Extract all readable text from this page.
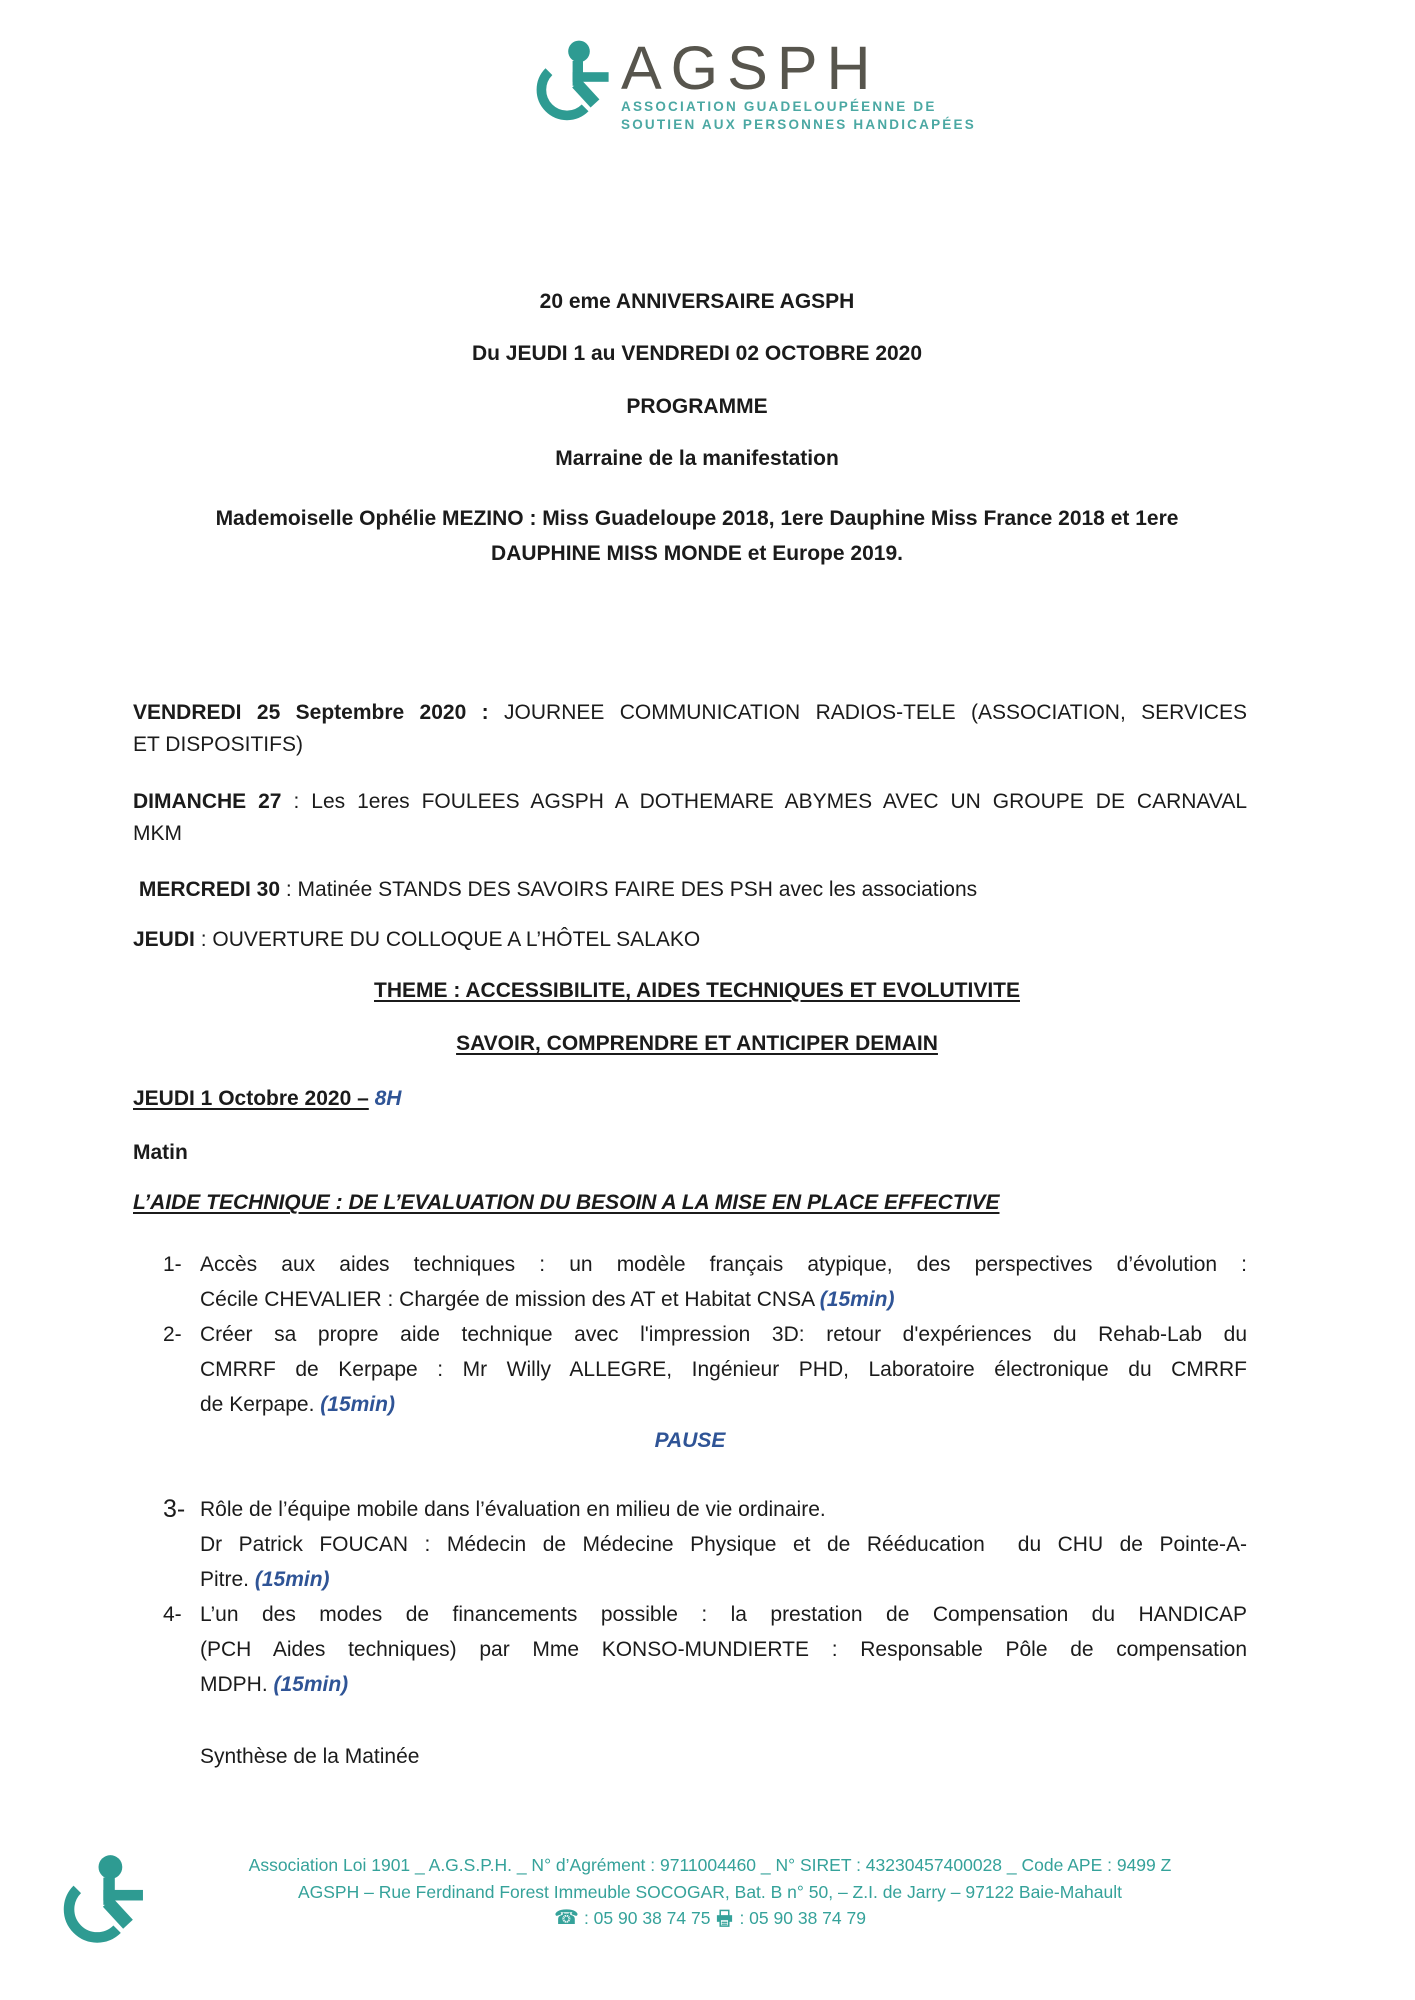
AGSPH
ASSOCIATION GUADELOUPÉENNE DE
SOUTIEN AUX PERSONNES HANDICAPÉES
20 eme ANNIVERSAIRE AGSPH
Du JEUDI 1 au VENDREDI 02 OCTOBRE 2020
PROGRAMME
Marraine de la manifestation
Mademoiselle Ophélie MEZINO : Miss Guadeloupe 2018, 1ere Dauphine Miss France 2018 et 1ere
DAUPHINE MISS MONDE et Europe 2019.
VENDREDI 25 Septembre 2020 : JOURNEE COMMUNICATION RADIOS-TELE (ASSOCIATION, SERVICES
ET DISPOSITIFS)
DIMANCHE 27 : Les 1eres FOULEES AGSPH A DOTHEMARE ABYMES AVEC UN GROUPE DE CARNAVAL
MKM
MERCREDI 30 : Matinée STANDS DES SAVOIRS FAIRE DES PSH avec les associations
JEUDI : OUVERTURE DU COLLOQUE A L’HÔTEL SALAKO
THEME : ACCESSIBILITE, AIDES TECHNIQUES ET EVOLUTIVITE
SAVOIR, COMPRENDRE ET ANTICIPER DEMAIN
JEUDI 1 Octobre 2020 – 8H
Matin
L’AIDE TECHNIQUE : DE L’EVALUATION DU BESOIN A LA MISE EN PLACE EFFECTIVE
1- Accès aux aides techniques : un modèle français atypique, des perspectives d’évolution :
Cécile CHEVALIER : Chargée de mission des AT et Habitat CNSA (15min)
2- Créer sa propre aide technique avec l'impression 3D: retour d'expériences du Rehab-Lab du
CMRRF de Kerpape : Mr Willy ALLEGRE, Ingénieur PHD, Laboratoire électronique du CMRRF
de Kerpape. (15min)
PAUSE
3- Rôle de l’équipe mobile dans l’évaluation en milieu de vie ordinaire.
Dr Patrick FOUCAN : Médecin de Médecine Physique et de Rééducation  du CHU de Pointe-A-
Pitre. (15min)
4- L’un des modes de financements possible : la prestation de Compensation du HANDICAP
(PCH Aides techniques) par Mme KONSO-MUNDIERTE : Responsable Pôle de compensation
MDPH. (15min)
Synthèse de la Matinée
Association Loi 1901 _ A.G.S.P.H. _ N° d’Agrément : 9711004460 _ N° SIRET : 43230457400028 _ Code APE : 9499 Z
AGSPH – Rue Ferdinand Forest Immeuble SOCOGAR, Bat. B n° 50, – Z.I. de Jarry – 97122 Baie-Mahault
☎ : 05 90 38 74 75 : 05 90 38 74 79
